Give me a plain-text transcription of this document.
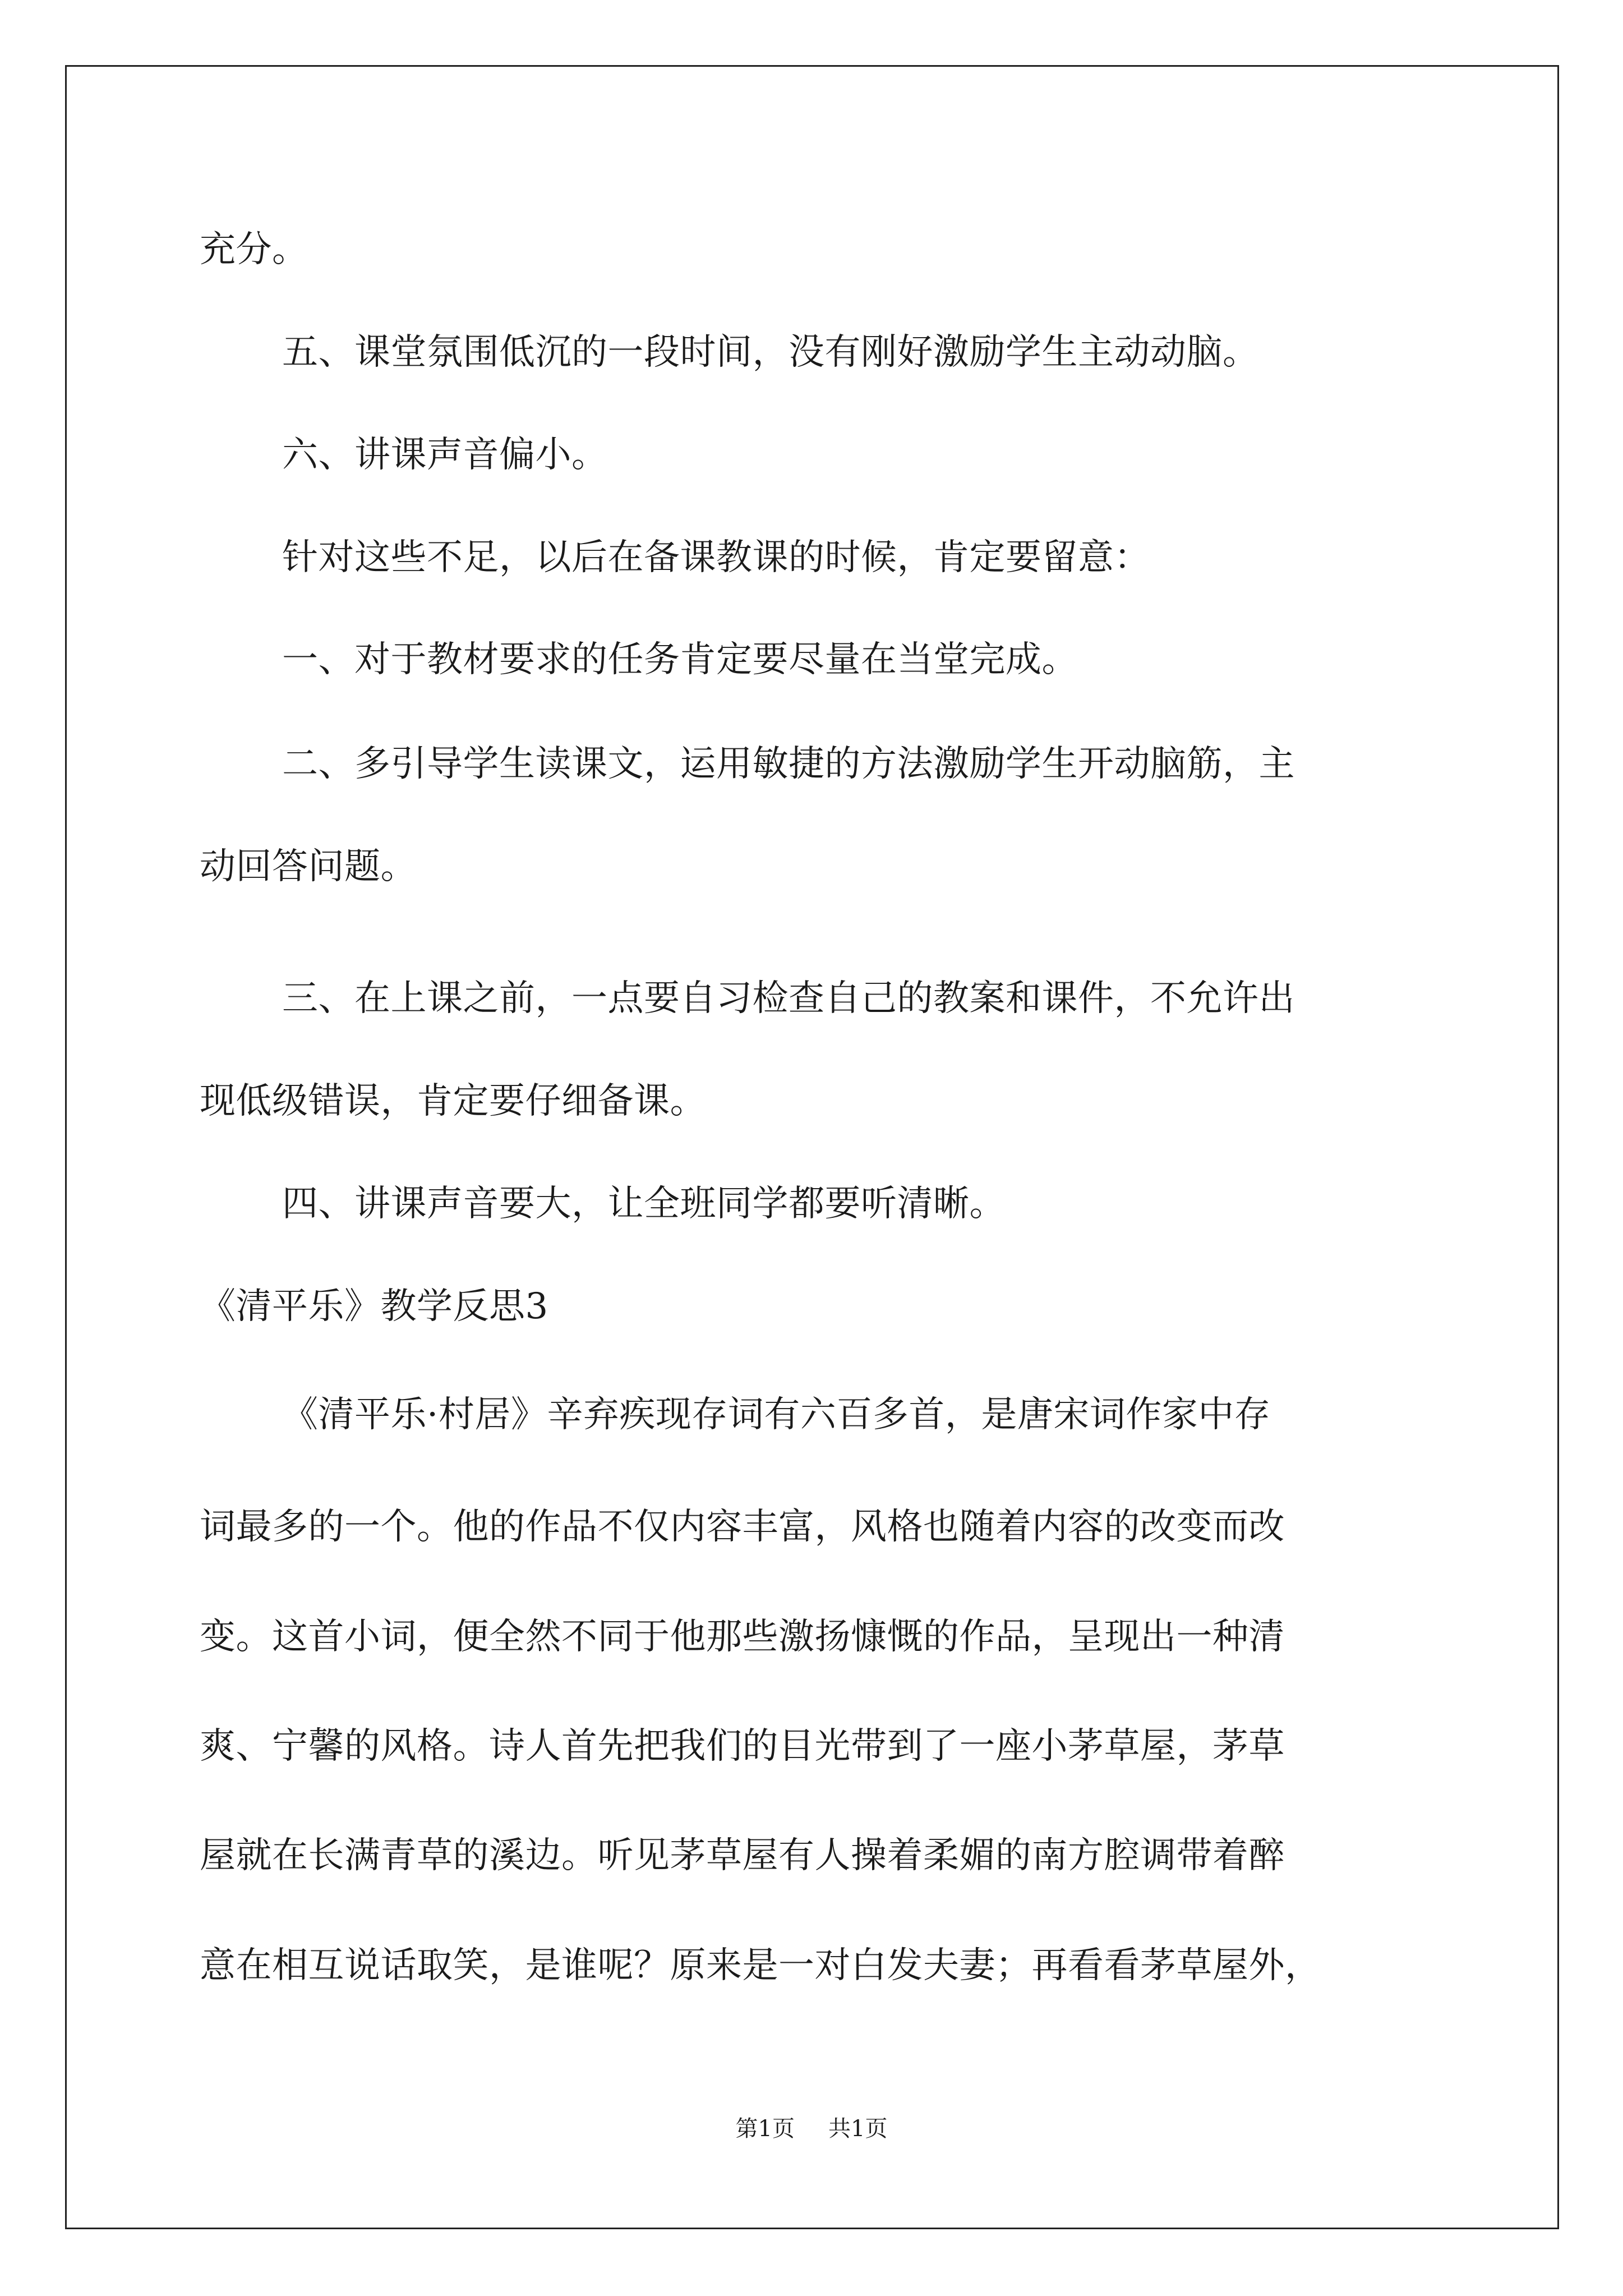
充分。
五、课堂氛围低沉的一段时间，没有刚好激励学生主动动脑。
六、讲课声音偏小。
针对这些不足，以后在备课教课的时候，肯定要留意：
一、对于教材要求的任务肯定要尽量在当堂完成。
二、多引导学生读课文，运用敏捷的方法激励学生开动脑筋，主
动回答问题。
三、在上课之前，一点要自习检查自己的教案和课件，不允许出
现低级错误，肯定要仔细备课。
四、讲课声音要大，让全班同学都要听清晰。
《清平乐》教学反思3
《清平乐·村居》辛弃疾现存词有六百多首，是唐宋词作家中存
词最多的一个。他的作品不仅内容丰富，风格也随着内容的改变而改
变。这首小词，便全然不同于他那些激扬慷慨的作品，呈现出一种清
爽、宁馨的风格。诗人首先把我们的目光带到了一座小茅草屋，茅草
屋就在长满青草的溪边。听见茅草屋有人操着柔媚的南方腔调带着醉
意在相互说话取笑，是谁呢？原来是一对白发夫妻；再看看茅草屋外，
第1页 共1页
